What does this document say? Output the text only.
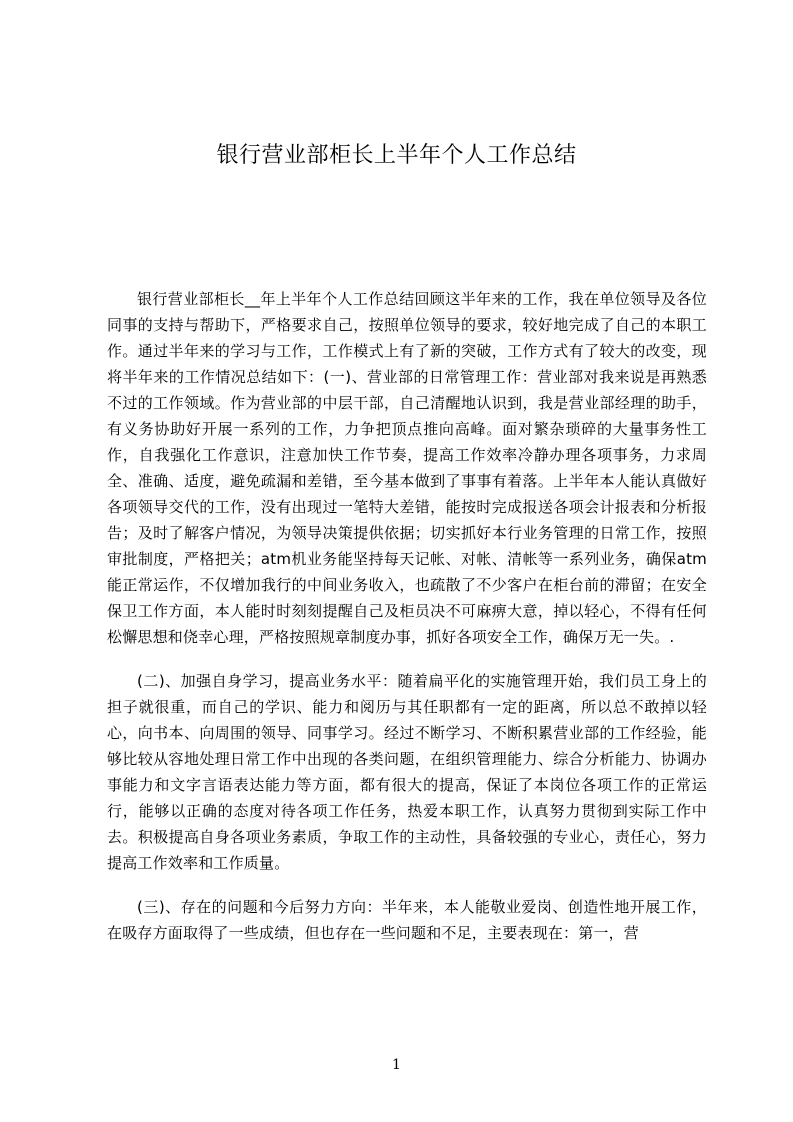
银行营业部柜长上半年个人工作总结

银行营业部柜长__年上半年个人工作总结回顾这半年来的工作，我在单位领导及各位同事的支持与帮助下，严格要求自己，按照单位领导的要求，较好地完成了自己的本职工作。通过半年来的学习与工作，工作模式上有了新的突破，工作方式有了较大的改变，现将半年来的工作情况总结如下：(一)、营业部的日常管理工作：营业部对我来说是再熟悉不过的工作领域。作为营业部的中层干部，自己清醒地认识到，我是营业部经理的助手，有义务协助好开展一系列的工作，力争把顶点推向高峰。面对繁杂琐碎的大量事务性工作，自我强化工作意识，注意加快工作节奏，提高工作效率冷静办理各项事务，力求周全、准确、适度，避免疏漏和差错，至今基本做到了事事有着落。上半年本人能认真做好各项领导交代的工作，没有出现过一笔特大差错，能按时完成报送各项会计报表和分析报告；及时了解客户情况，为领导决策提供依据；切实抓好本行业务管理的日常工作，按照审批制度，严格把关；atm机业务能坚持每天记帐、对帐、清帐等一系列业务，确保atm能正常运作，不仅增加我行的中间业务收入，也疏散了不少客户在柜台前的滞留；在安全保卫工作方面，本人能时时刻刻提醒自己及柜员决不可麻痹大意，掉以轻心，不得有任何松懈思想和侥幸心理，严格按照规章制度办事，抓好各项安全工作，确保万无一失。.

(二)、加强自身学习，提高业务水平：随着扁平化的实施管理开始，我们员工身上的担子就很重，而自己的学识、能力和阅历与其任职都有一定的距离，所以总不敢掉以轻心，向书本、向周围的领导、同事学习。经过不断学习、不断积累营业部的工作经验，能够比较从容地处理日常工作中出现的各类问题，在组织管理能力、综合分析能力、协调办事能力和文字言语表达能力等方面，都有很大的提高，保证了本岗位各项工作的正常运行，能够以正确的态度对待各项工作任务，热爱本职工作，认真努力贯彻到实际工作中去。积极提高自身各项业务素质，争取工作的主动性，具备较强的专业心，责任心，努力提高工作效率和工作质量。

(三)、存在的问题和今后努力方向：半年来，本人能敬业爱岗、创造性地开展工作，在吸存方面取得了一些成绩，但也存在一些问题和不足，主要表现在：第一，营

1
